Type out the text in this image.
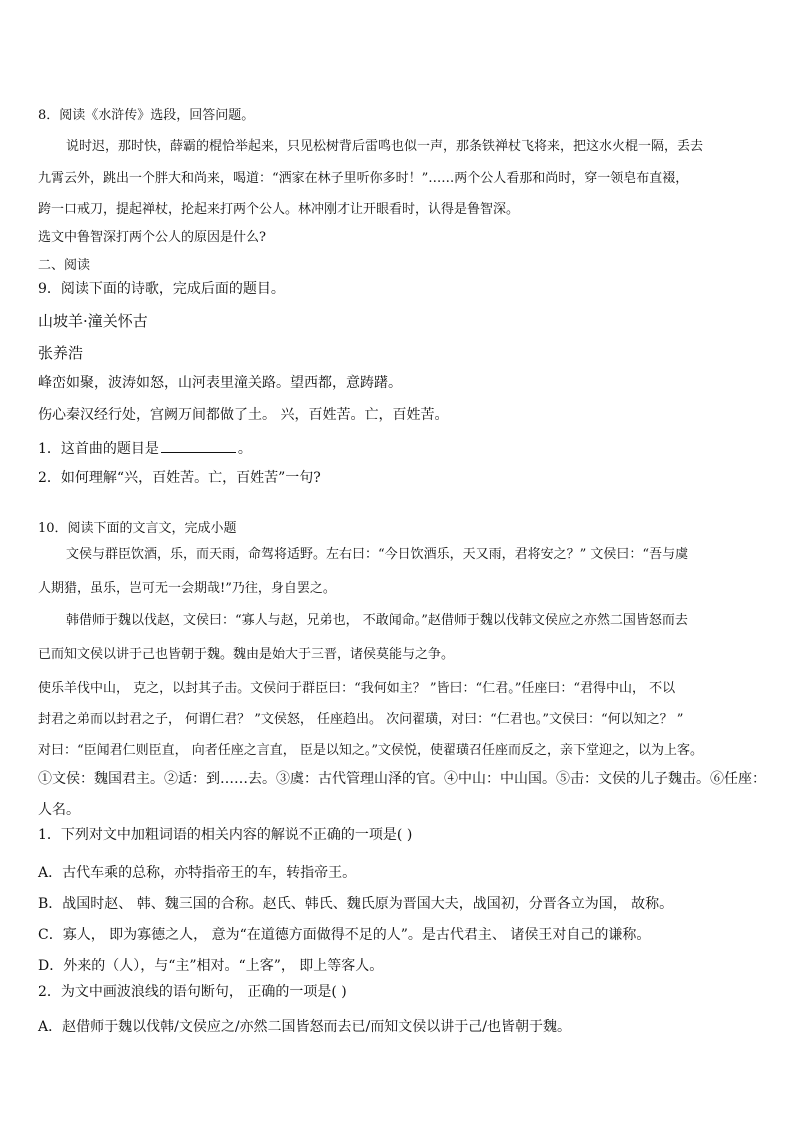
8．阅读《水浒传》选段，回答问题。
说时迟，那时快，薛霸的棍恰举起来，只见松树背后雷鸣也似一声，那条铁禅杖飞将来，把这水火棍一隔，丢去
九霄云外，跳出一个胖大和尚来，喝道：“洒家在林子里听你多时！”……两个公人看那和尚时，穿一领皂布直裰，
跨一口戒刀，提起禅杖，抡起来打两个公人。林冲刚才让开眼看时，认得是鲁智深。
选文中鲁智深打两个公人的原因是什么?
二、阅读
9．阅读下面的诗歌，完成后面的题目。
山坡羊·潼关怀古
张养浩
峰峦如聚，波涛如怒，山河表里潼关路。望西都，意踌躇。
伤心秦汉经行处，宫阙万间都做了土。 兴，百姓苦。亡，百姓苦。
1．这首曲的题目是	。
2．如何理解“兴，百姓苦。亡，百姓苦”一句?
10．阅读下面的文言文，完成小题
文侯与群臣饮酒，乐，而天雨，命驾将适野。左右曰：“今日饮酒乐，天又雨，君将安之？” 文侯曰：“吾与虞
人期猎，虽乐，岂可无一会期哉!”乃往，身自罢之。
韩借师于魏以伐赵，文侯曰：“寡人与赵，兄弟也， 不敢闻命。”赵借师于魏以伐韩文侯应之亦然二国皆怒而去
已而知文侯以讲于己也皆朝于魏。魏由是始大于三晋，诸侯莫能与之争。
使乐羊伐中山， 克之，以封其子击。文侯问于群臣曰：“我何如主？ ”皆曰：“仁君。”任座曰：“君得中山， 不以
封君之弟而以封君之子， 何谓仁君？ ”文侯怒， 任座趋出。 次问翟璜，对曰：“仁君也。”文侯曰：“何以知之？ ”
对曰：“臣闻君仁则臣直， 向者任座之言直， 臣是以知之。”文侯悦，使翟璜召任座而反之，亲下堂迎之，以为上客。
①文侯：魏国君主。②适：到……去。③虞：古代管理山泽的官。④中山：中山国。⑤击：文侯的儿子魏击。⑥任座：
人名。
1．下列对文中加粗词语的相关内容的解说不正确的一项是( )
A．古代车乘的总称，亦特指帝王的车，转指帝王。
B．战国时赵、 韩、魏三国的合称。赵氏、韩氏、魏氏原为晋国大夫，战国初，分晋各立为国， 故称。
C．寡人， 即为寡德之人， 意为“在道德方面做得不足的人”。是古代君主、 诸侯王对自己的谦称。
D．外来的（人），与“主”相对。“上客”， 即上等客人。
2．为文中画波浪线的语句断句， 正确的一项是( )
A．赵借师于魏以伐韩/文侯应之/亦然二国皆怒而去已/而知文侯以讲于己/也皆朝于魏。
